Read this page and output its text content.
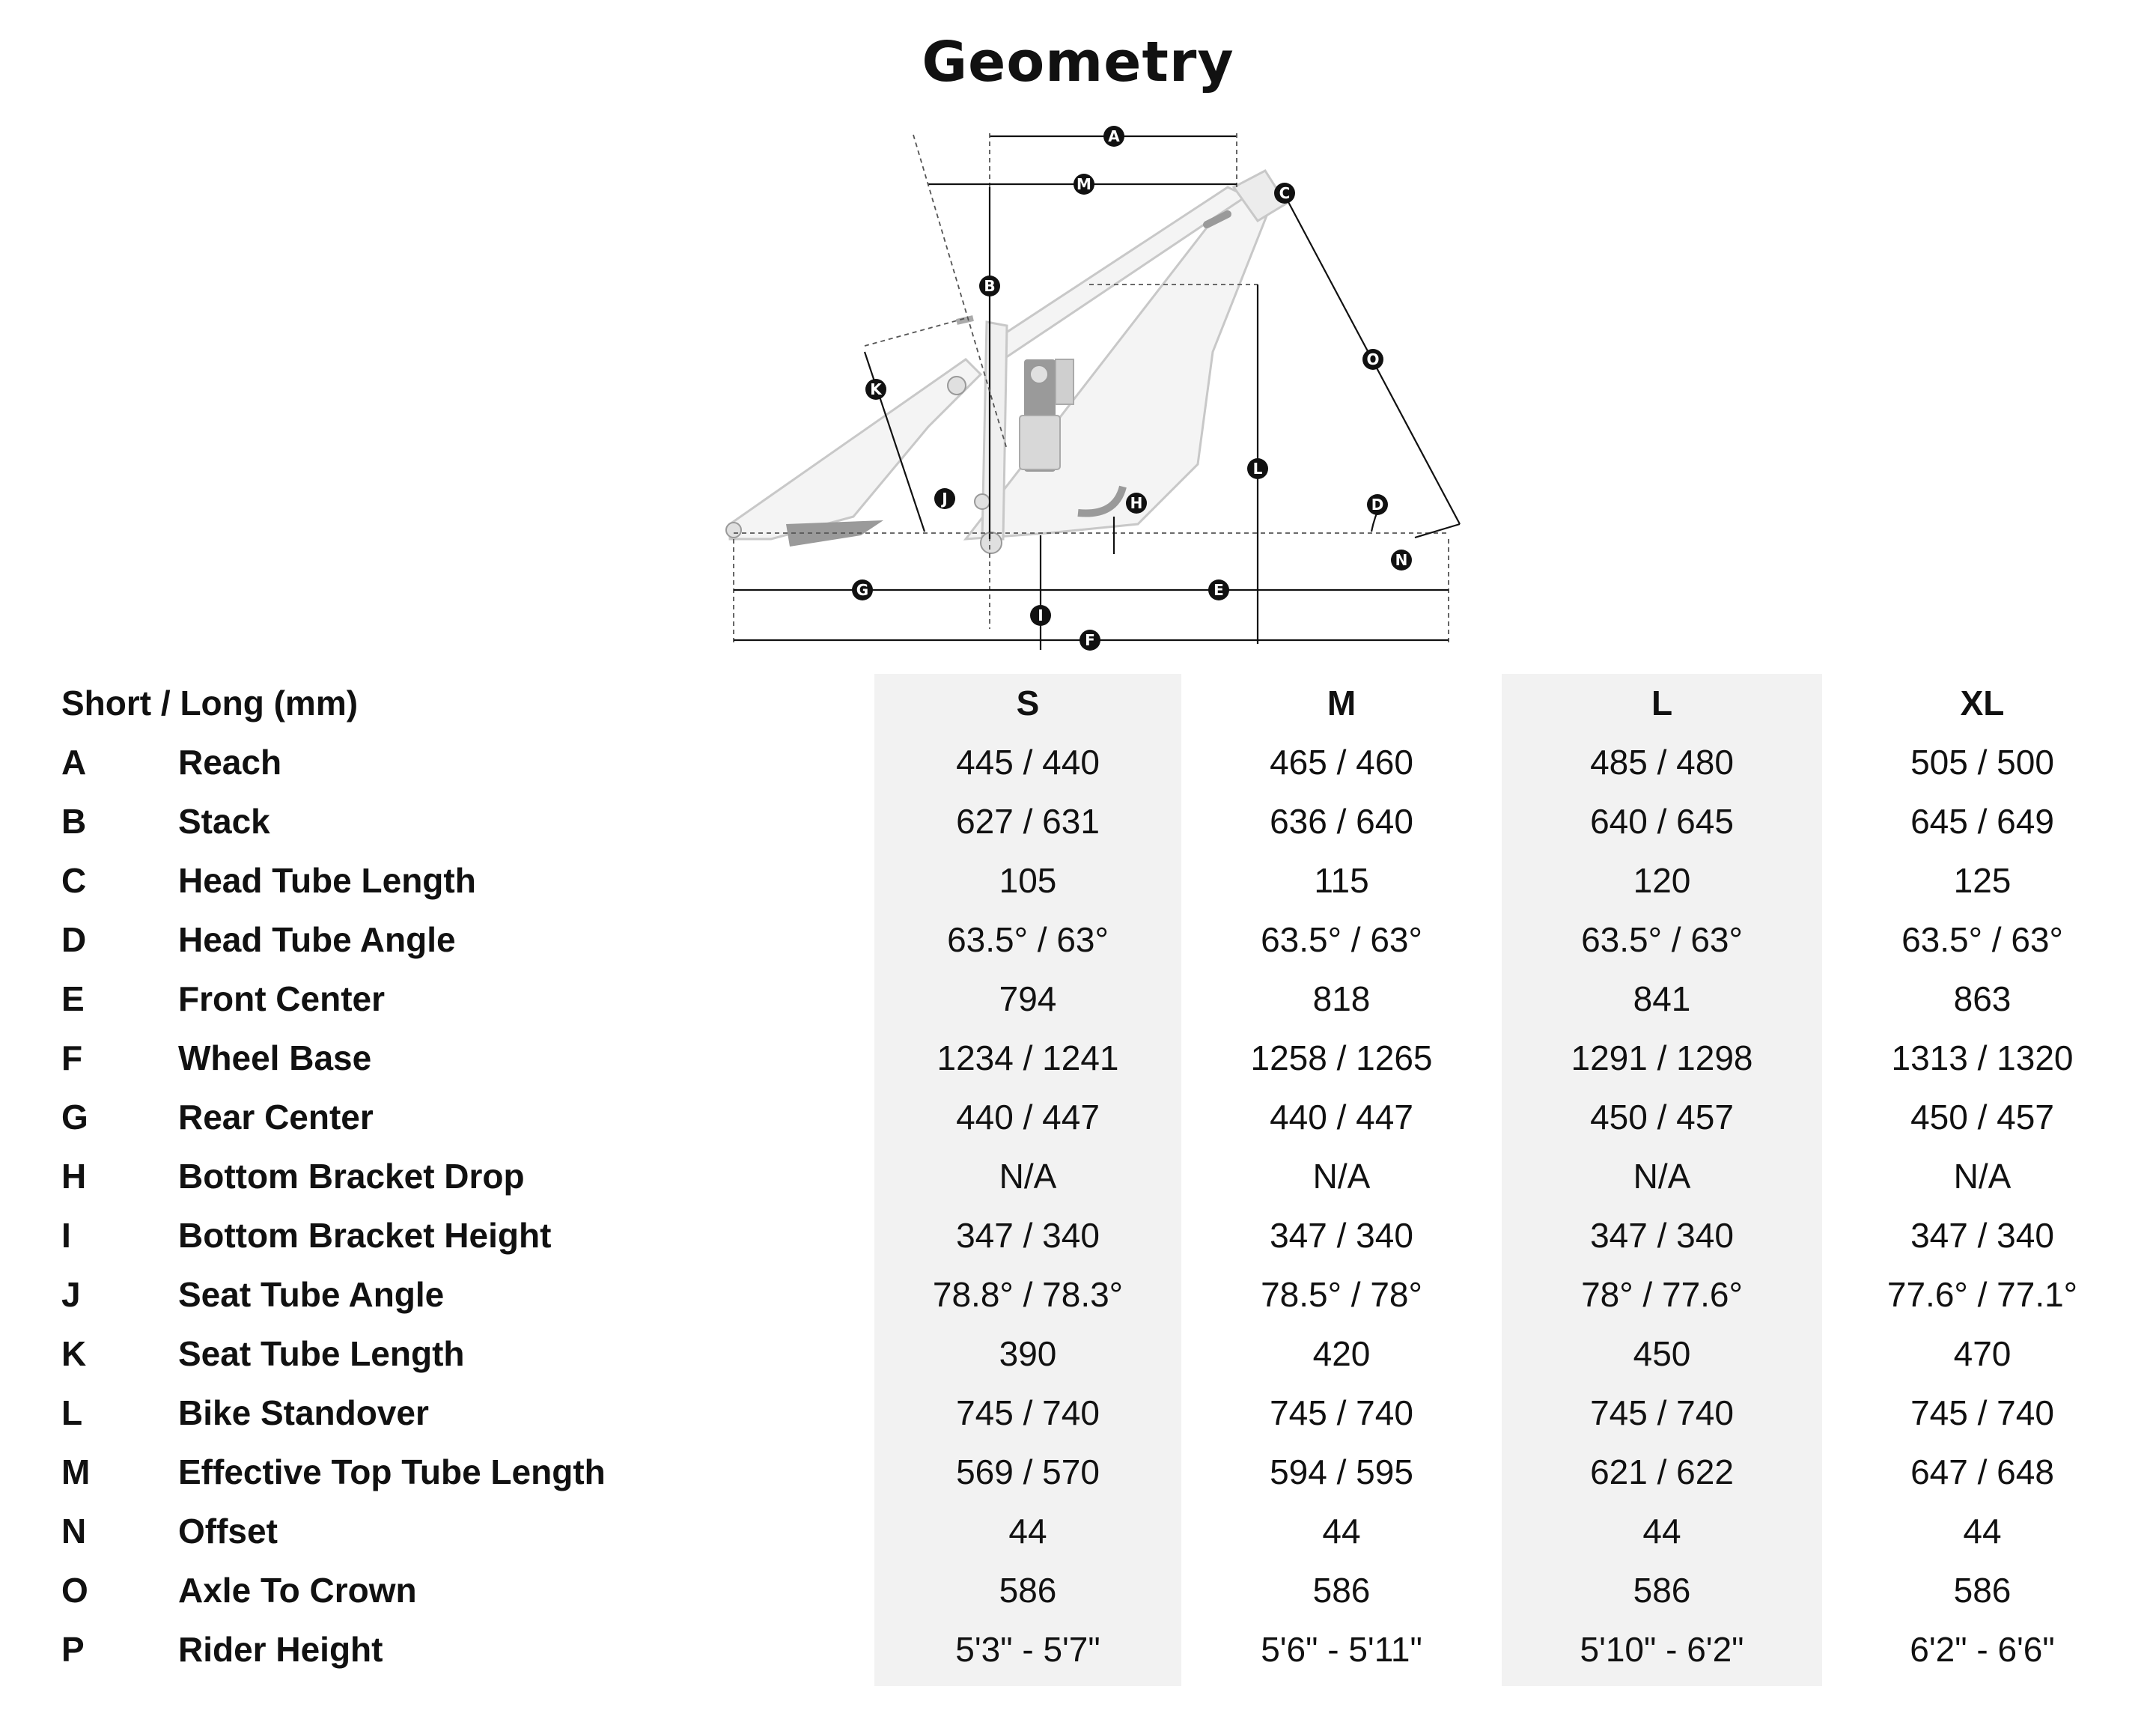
Geometry
A
M	C
B
K
O
L
J	H	D
N
G	E
I
F
Short / Long (mm)	S	M	L	XL
A	Reach	445 / 440	465 / 460	485 / 480	505 / 500
B	Stack	627 / 631	636 / 640	640 / 645	645 / 649
C	Head Tube Length	105	115	120	125
D	Head Tube Angle	63.5° / 63°	63.5° / 63°	63.5° / 63°	63.5° / 63°
E	Front Center	794	818	841	863
F	Wheel Base	1234 / 1241	1258 / 1265	1291 / 1298	1313 / 1320
G	Rear Center	440 / 447	440 / 447	450 / 457	450 / 457
H	Bottom Bracket Drop	N/A	N/A	N/A	N/A
I	Bottom Bracket Height	347 / 340	347 / 340	347 / 340	347 / 340
J	Seat Tube Angle	78.8° / 78.3°	78.5° / 78°	78° / 77.6°	77.6° / 77.1°
K	Seat Tube Length	390	420	450	470
L	Bike Standover	745 / 740	745 / 740	745 / 740	745 / 740
M	Effective Top Tube Length	569 / 570	594 / 595	621 / 622	647 / 648
N	Offset	44	44	44	44
O	Axle To Crown	586	586	586	586
P	Rider Height	5'3" - 5'7"	5'6" - 5'11"	5'10" - 6'2"	6'2" - 6'6"
